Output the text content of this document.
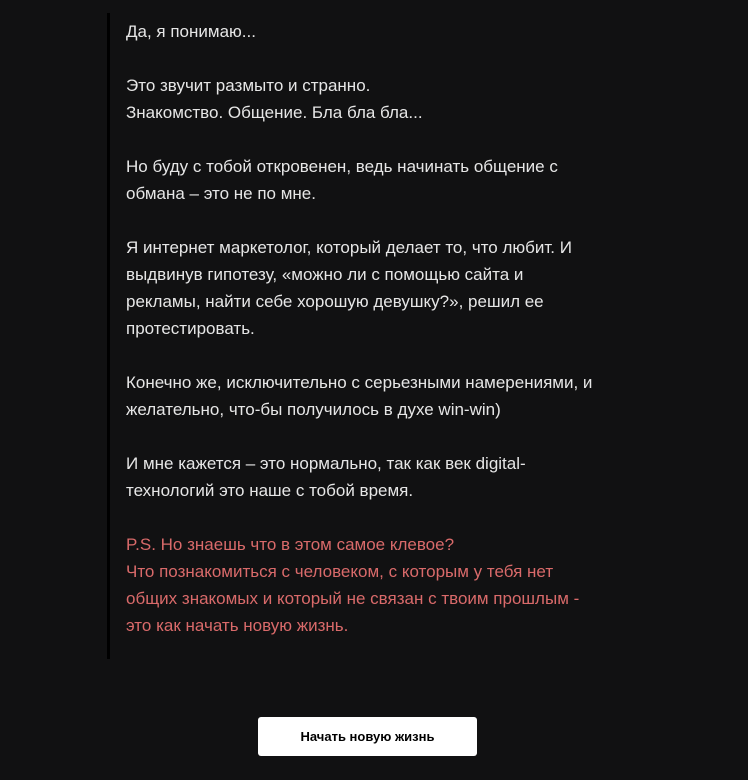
Да, я понимаю...

Это звучит размыто и странно.
Знакомство. Общение. Бла бла бла...

Но буду с тобой откровенен, ведь начинать общение с
обмана – это не по мне.

Я интернет маркетолог, который делает то, что любит. И
выдвинув гипотезу, «можно ли с помощью сайта и
рекламы, найти себе хорошую девушку?», решил ее
протестировать.

Конечно же, исключительно с серьезными намерениями, и
желательно, что-бы получилось в духе win-win)

И мне кажется – это нормально, так как век digital-
технологий это наше с тобой время.

P.S. Но знаешь что в этом самое клевое?
Что познакомиться с человеком, с которым у тебя нет
общих знакомых и который не связан с твоим прошлым -
это как начать новую жизнь.

Начать новую жизнь
